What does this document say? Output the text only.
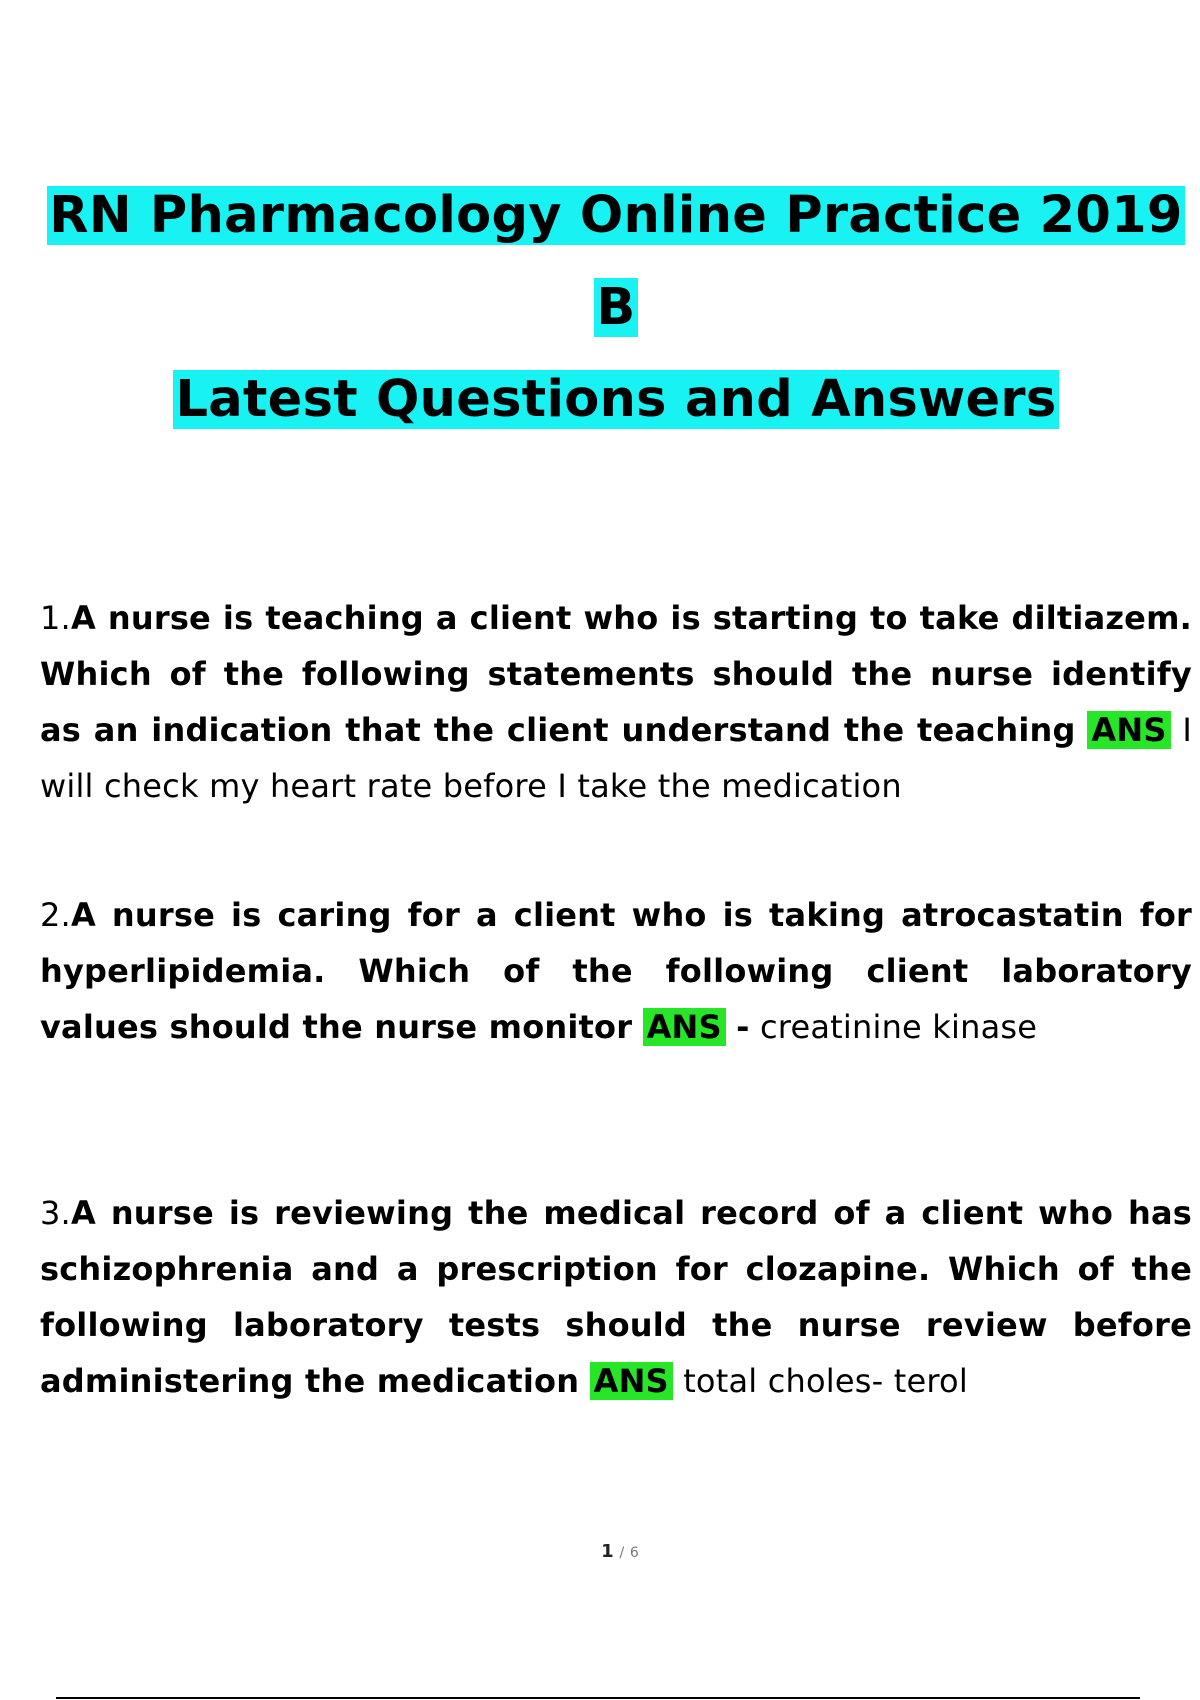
RN Pharmacology Online Practice 2019
B
Latest Questions and Answers
1.A nurse is teaching a client who is starting to take diltiazem. Which of the following statements should the nurse identify as an indication that the client understand the teaching ANS I will check my heart rate before I take the medication
2.A nurse is caring for a client who is taking atrocastatin for hyperlipidemia. Which of the following client laboratory values should the nurse monitor ANS - creatinine kinase
3.A nurse is reviewing the medical record of a client who has schizophrenia and a prescription for clozapine. Which of the following laboratory tests should the nurse review before administering the medication ANS total choles- terol
1 / 6
